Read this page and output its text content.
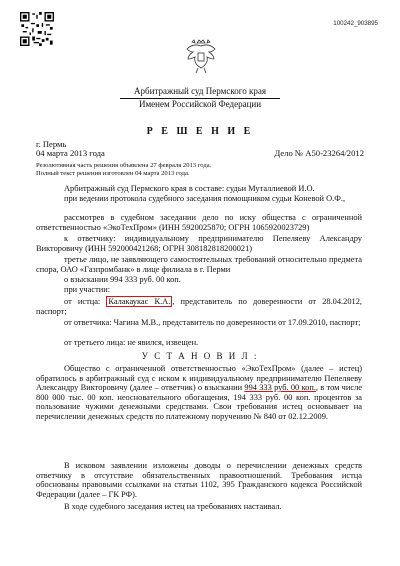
100242_903895
Арбитражный суд Пермского края
Именем Российской Федерации
Р Е Ш Е Н И Е
г. Пермь
04 марта 2013 года	Дело № А50-23264/2012
Резолютивная часть решения объявлена 27 февраля 2013 года.
Полный текст решения изготовлен 04 марта 2013 года.
Арбитражный суд Пермского края в составе: судьи Муталлиевой И.О.
при ведении протокола судебного заседания помощником судьи Коневой О.Ф.,
рассмотрев в судебном заседании дело по иску общества с ограниченной ответственностью «ЭкоТехПром» (ИНН 5920025870; ОГРН 1065920023729)
к ответчику: индивидуальному предпринимателю Пепеляеву Александру Викторовичу (ИНН 592000421268; ОГРН 308182818200021)
третье лицо, не заявляющего самостоятельных требований относительно предмета спора, ОАО «Газпромбанк» в лице филиала в г. Перми
о взыскании 994 333 руб. 00 коп.
при участии:
от истца: Калакаукас К.А. , представитель по доверенности от 28.04.2012, паспорт;
от ответчика: Чагина М.В., представитель по доверенности от 17.09.2010, паспорт;
от третьего лица: не явился, извещен.
У С Т А Н О В И Л :
Общество с ограниченной ответственностью «ЭкоТехПром» (далее – истец) обратилось в арбитражный суд с иском к индивидуальному предпринимателю Пепеляеву Александру Викторовичу (далее – ответчик) о взыскании 994 333 руб. 00 коп., в том числе 800 000 тыс. 00 коп. неосновательного обогащения, 194 333 руб. 00 коп. процентов за пользование чужими денежными средствами. Свои требования истец основывает на перечислении денежных средств по платежному поручению № 840 от 02.12.2009.
В исковом заявлении изложены доводы о перечислении денежных средств ответчику в отсутствие обязательственных правоотношений. Требования истца обоснованы правовыми ссылками на статьи 1102, 395 Гражданского кодекса Российской Федерации (далее – ГК РФ).
В ходе судебного заседания истец на требованиях настаивал.
